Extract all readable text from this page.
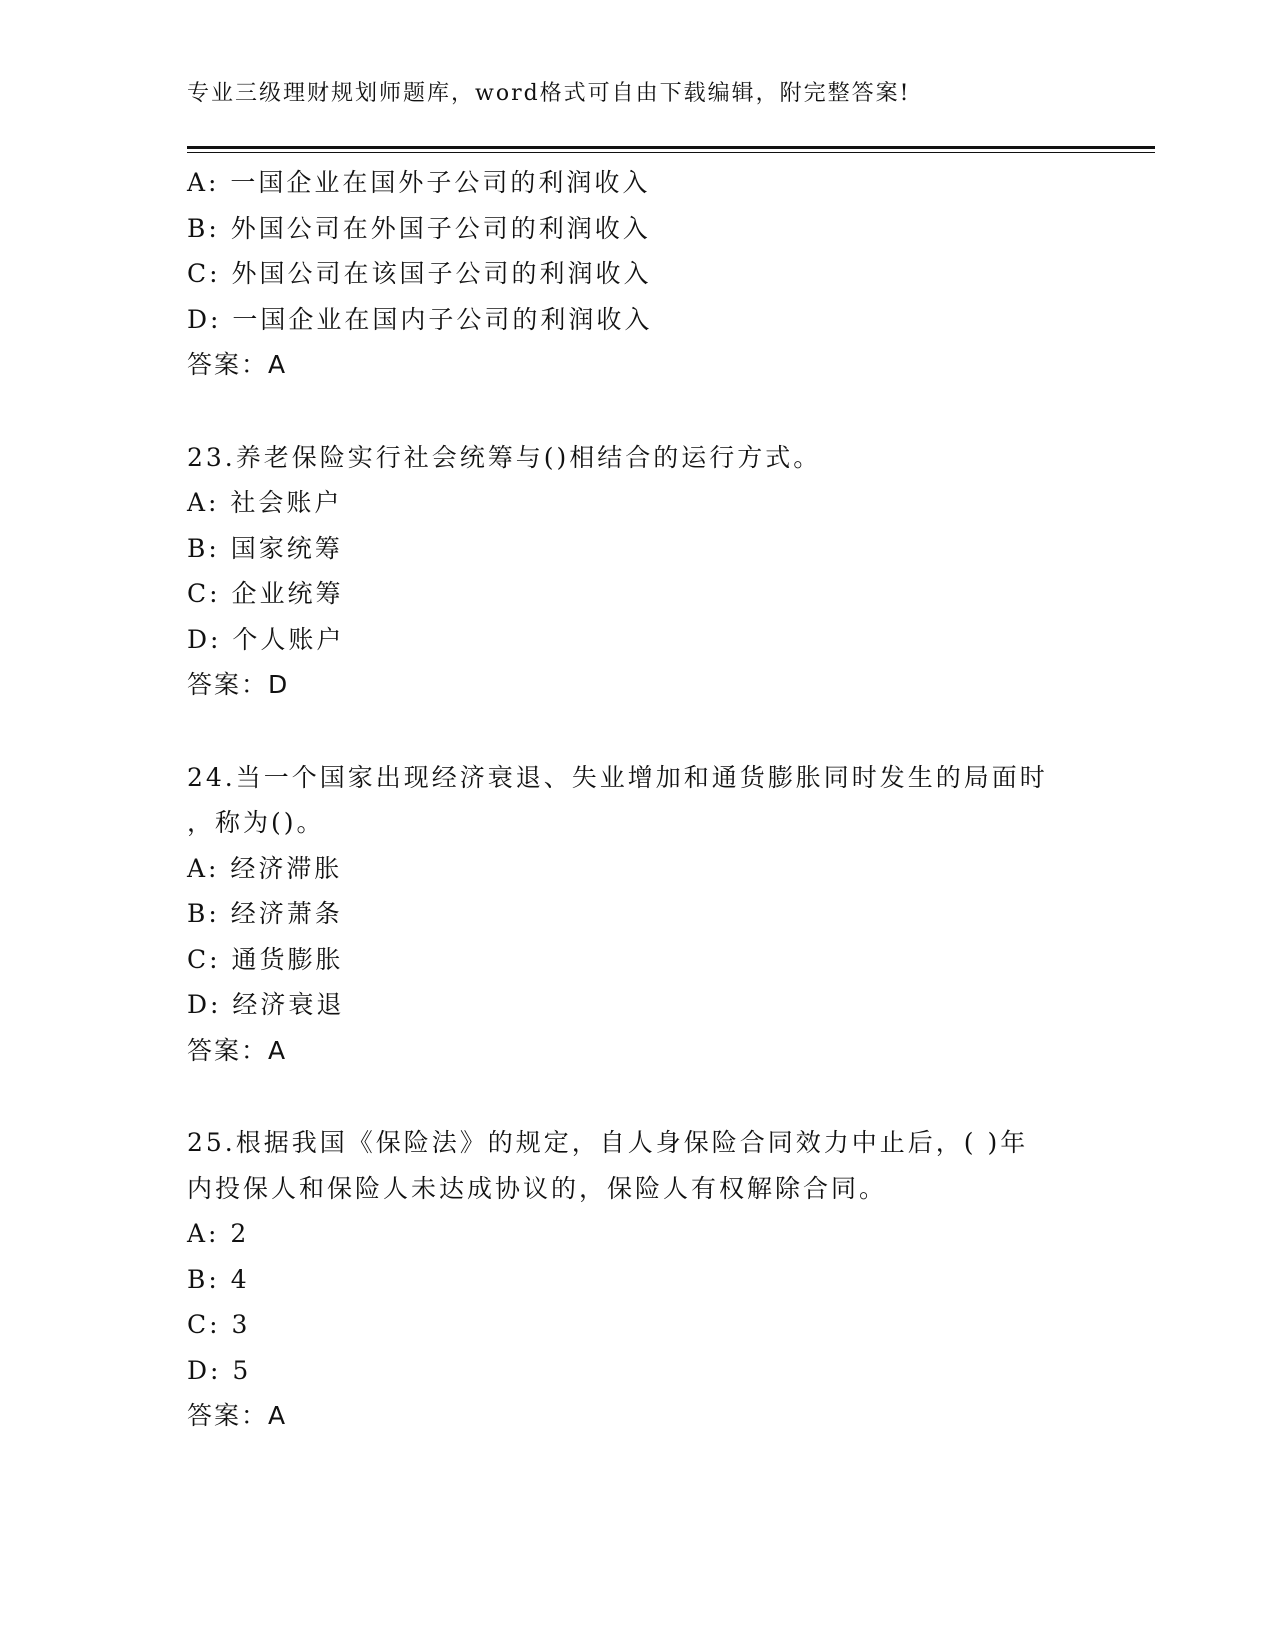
专业三级理财规划师题库，word格式可自由下载编辑，附完整答案!
A: 一国企业在国外子公司的利润收入
B: 外国公司在外国子公司的利润收入
C: 外国公司在该国子公司的利润收入
D: 一国企业在国内子公司的利润收入
答案：A
23.养老保险实行社会统筹与()相结合的运行方式。
A: 社会账户
B: 国家统筹
C: 企业统筹
D: 个人账户
答案：D
24.当一个国家出现经济衰退、失业增加和通货膨胀同时发生的局面时
，称为()。
A: 经济滞胀
B: 经济萧条
C: 通货膨胀
D: 经济衰退
答案：A
25.根据我国《保险法》的规定，自人身保险合同效力中止后，( )年
内投保人和保险人未达成协议的，保险人有权解除合同。
A: 2
B: 4
C: 3
D: 5
答案：A
